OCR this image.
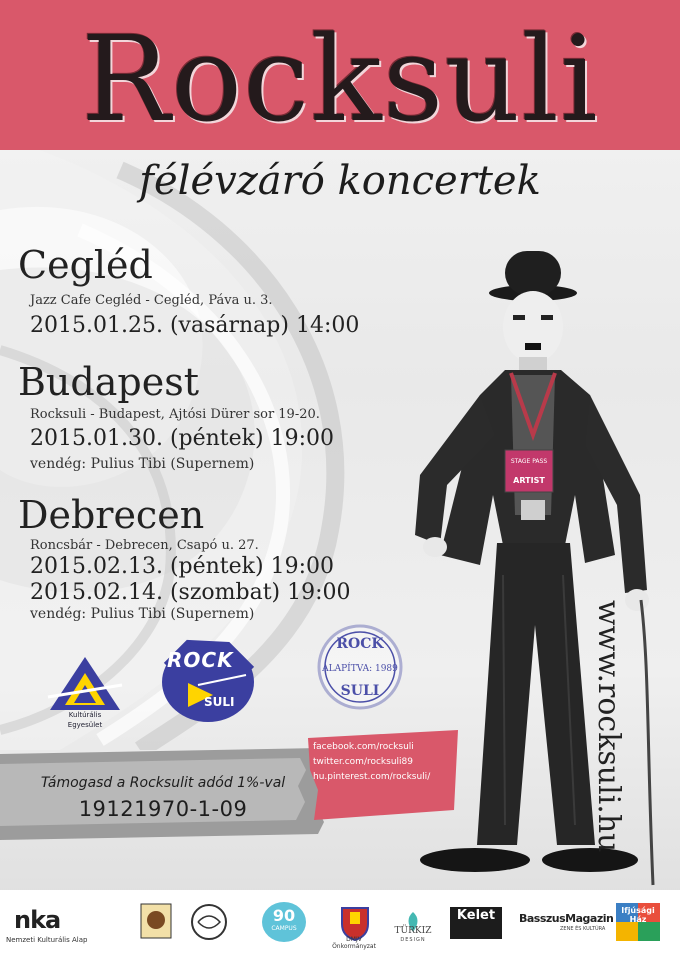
Rocksuli
félévzáró koncertek
Cegléd
Jazz Cafe Cegléd - Cegléd, Páva u. 3.
2015.01.25. (vasárnap) 14:00
Budapest
Rocksuli - Budapest, Ajtósi Dürer sor 19-20.
2015.01.30. (péntek) 19:00
vendég: Pulius Tibi (Supernem)
Debrecen
Roncsbár - Debrecen, Csapó u. 27.
2015.02.13. (péntek) 19:00
2015.02.14. (szombat) 19:00
vendég: Pulius Tibi (Supernem)
STAGE PASS
ARTIST
www.rocksuli.hu
Kultúrális
Egyesület
ROCK
SULI
ROCK
ALAPÍTVA: 1989
SULI
facebook.com/rocksuli
twitter.com/rocksuli89
hu.pinterest.com/rocksuli/
Támogasd a Rocksulit adód 1%-val
19121970-1-09
nka
Nemzeti Kulturális Alap
90
CAMPUS
DMJV Önkormányzat
TÜRKIZ
DESIGN
Kelet	BasszusMagazin
ZENE ÉS KULTÚRA
Ifjúsági Ház
